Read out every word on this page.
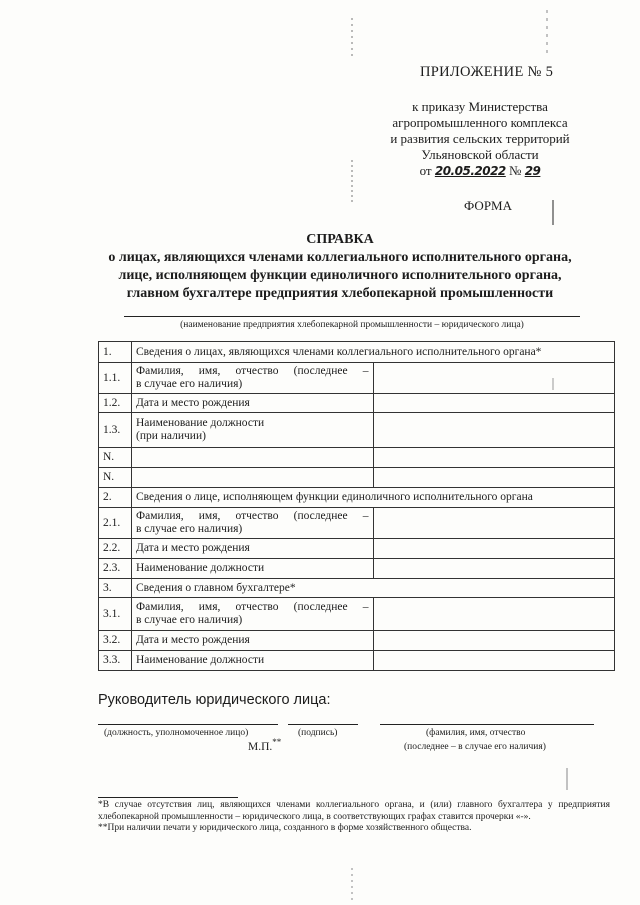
ПРИЛОЖЕНИЕ № 5
к приказу Министерства
агропромышленного комплекса
и развития сельских территорий
Ульяновской области
от 20.05.2022 № 29
ФОРМА
СПРАВКА
о лицах, являющихся членами коллегиального исполнительного органа,
лице, исполняющем функции единоличного исполнительного органа,
главном бухгалтере предприятия хлебопекарной промышленности
(наименование предприятия хлебопекарной промышленности – юридического лица)
1.	Сведения о лицах, являющихся членами коллегиального исполнительного органа*	
1.1.	Фамилия, имя, отчество (последнее –
в случае его наличия)	

1.2.	Дата и место рождения	
1.3.	Наименование должности
(при наличии)	

N.		
N.		
2.	Сведения о лице, исполняющем функции единоличного исполнительного органа	
2.1.	Фамилия, имя, отчество (последнее –
в случае его наличия)	

2.2.	Дата и место рождения	
2.3.	Наименование должности	
3.	Сведения о главном бухгалтере*	
3.1.	Фамилия, имя, отчество (последнее –
в случае его наличия)	

3.2.	Дата и место рождения	
3.3.	Наименование должности	
Руководитель юридического лица:
(должность, уполномоченное лицо)	(подпись)	(фамилия, имя, отчество
(последнее – в случае его наличия)
М.П.**

*В случае отсутствия лиц, являющихся членами коллегиального органа, и (или) главного бухгалтера у предприятия хлебопекарной промышленности – юридического лица, в соответствующих графах ставится прочерки «-».

**При наличии печати у юридического лица, созданного в форме хозяйственного общества.
